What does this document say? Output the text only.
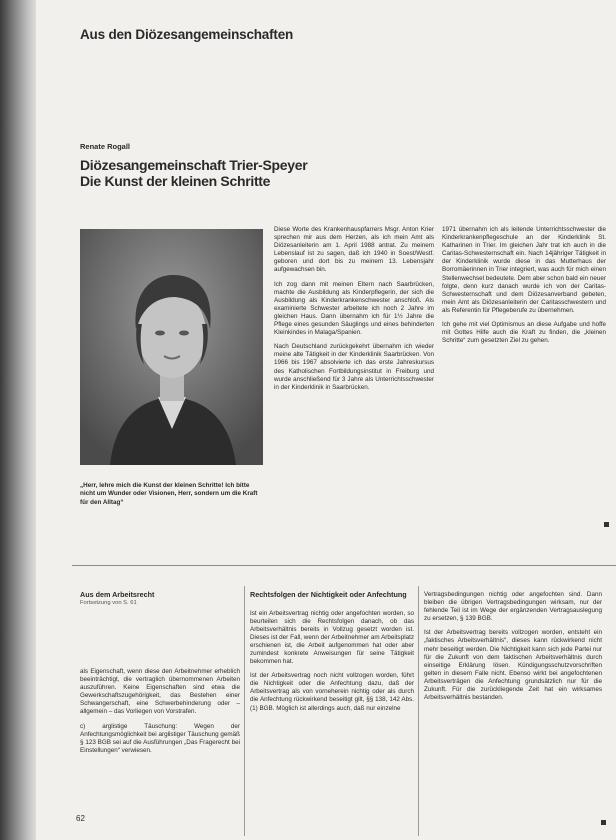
Aus den Diözesangemeinschaften
Renate Rogall
Diözesangemeinschaft Trier-Speyer
Die Kunst der kleinen Schritte
„Herr, lehre mich die Kunst der kleinen Schritte! Ich bitte nicht um Wunder oder Visionen, Herr, sondern um die Kraft für den Alltag“

Diese Worte des Krankenhauspfarrers Msgr. Anton Krier sprechen mir aus dem Herzen, als ich mein Amt als Diözesanleiterin am 1. April 1988 antrat. Zu meinem Lebenslauf ist zu sagen, daß ich 1940 in Soest/Westf. geboren und dort bis zu meinem 13. Lebensjahr aufgewachsen bin.

Ich zog dann mit meinen Eltern nach Saarbrücken, machte die Ausbildung als Kinderpflegerin, der sich die Ausbildung als Kinderkrankenschwester anschloß. Als examinierte Schwester arbeitete ich noch 2 Jahre im gleichen Haus. Dann übernahm ich für 1½ Jahre die Pflege eines gesunden Säuglings und eines behinderten Kleinkindes in Malaga/Spanien.

Nach Deutschland zurückgekehrt übernahm ich wieder meine alte Tätigkeit in der Kinderklinik Saarbrücken. Von 1966 bis 1967 absolvierte ich das erste Jahreskursus des Katholischen Fortbildungsinstitut in Freiburg und wurde anschließend für 3 Jahre als Unterrichtsschwester in der Kinderklinik in Saarbrücken.

1971 übernahm ich als leitende Unterrichtsschwester die Kinderkrankenpflegeschule an der Kinderklinik St. Katharinen in Trier. Im gleichen Jahr trat ich auch in die Caritas-Schwesternschaft ein. Nach 14jähriger Tätigkeit in der Kinderklinik wurde diese in das Mutterhaus der Borromäerinnen in Trier integriert, was auch für mich einen Stellenwechsel bedeutete. Dem aber schon bald ein neuer folgte, denn kurz danach wurde ich von der Caritas-Schwesternschaft und dem Diözesanverband gebeten, mein Amt als Diözesanleiterin der Caritasschwestern und als Referentin für Pflegeberufe zu übernehmen.

Ich gehe mit viel Optimismus an diese Aufgabe und hoffe mit Gottes Hilfe auch die Kraft zu finden, die „kleinen Schritte“ zum gesetzten Ziel zu gehen.

Aus dem Arbeitsrecht
Fortsetzung von S. 61

als Eigenschaft, wenn diese den Arbeitnehmer erheblich beeinträchtigt, die vertraglich übernommenen Arbeiten auszuführen. Keine Eigenschaften sind etwa die Gewerkschaftszugehörigkeit, das Bestehen einer Schwangerschaft, eine Schwerbehinderung oder – allgemein – das Vorliegen von Vorstrafen.

c) arglistige Täuschung: Wegen der Anfechtungsmöglichkeit bei arglistiger Täuschung gemäß § 123 BGB sei auf die Ausführungen „Das Fragerecht bei Einstellungen“ verwiesen.

Rechtsfolgen der Nichtigkeit oder Anfechtung

Ist ein Arbeitsvertrag nichtig oder angefochten worden, so beurteilen sich die Rechtsfolgen danach, ob das Arbeitsverhältnis bereits in Vollzug gesetzt worden ist. Dieses ist der Fall, wenn der Arbeitnehmer am Arbeitsplatz erschienen ist, die Arbeit aufgenommen hat oder aber zumindest konkrete Anweisungen für seine Tätigkeit bekommen hat.

Ist der Arbeitsvertrag noch nicht vollzogen worden, führt die Nichtigkeit oder die Anfechtung dazu, daß der Arbeitsvertrag als von vorneherein nichtig oder als durch die Anfechtung rückwirkend beseitigt gilt, §§ 138, 142 Abs. (1) BGB. Möglich ist allerdings auch, daß nur einzelne

Vertragsbedingungen nichtig oder angefochten sind. Dann bleiben die übrigen Vertragsbedingungen wirksam, nur der fehlende Teil ist im Wege der ergänzenden Vertragsauslegung zu ersetzen, § 139 BGB.

Ist der Arbeitsvertrag bereits vollzogen worden, entsteht ein „faktisches Arbeitsverhältnis“, dieses kann rückwirkend nicht mehr beseitigt werden. Die Nichtigkeit kann sich jede Partei nur für die Zukunft von dem faktischen Arbeitsverhältnis durch einseitige Erklärung lösen. Kündigungsschutzvorschriften gelten in diesem Falle nicht. Ebenso wirkt bei angefochtenen Arbeitsverträgen die Anfechtung grundsätzlich nur für die Zukunft. Für die zurückliegende Zeit hat ein wirksames Arbeitsverhältnis bestanden.

62
